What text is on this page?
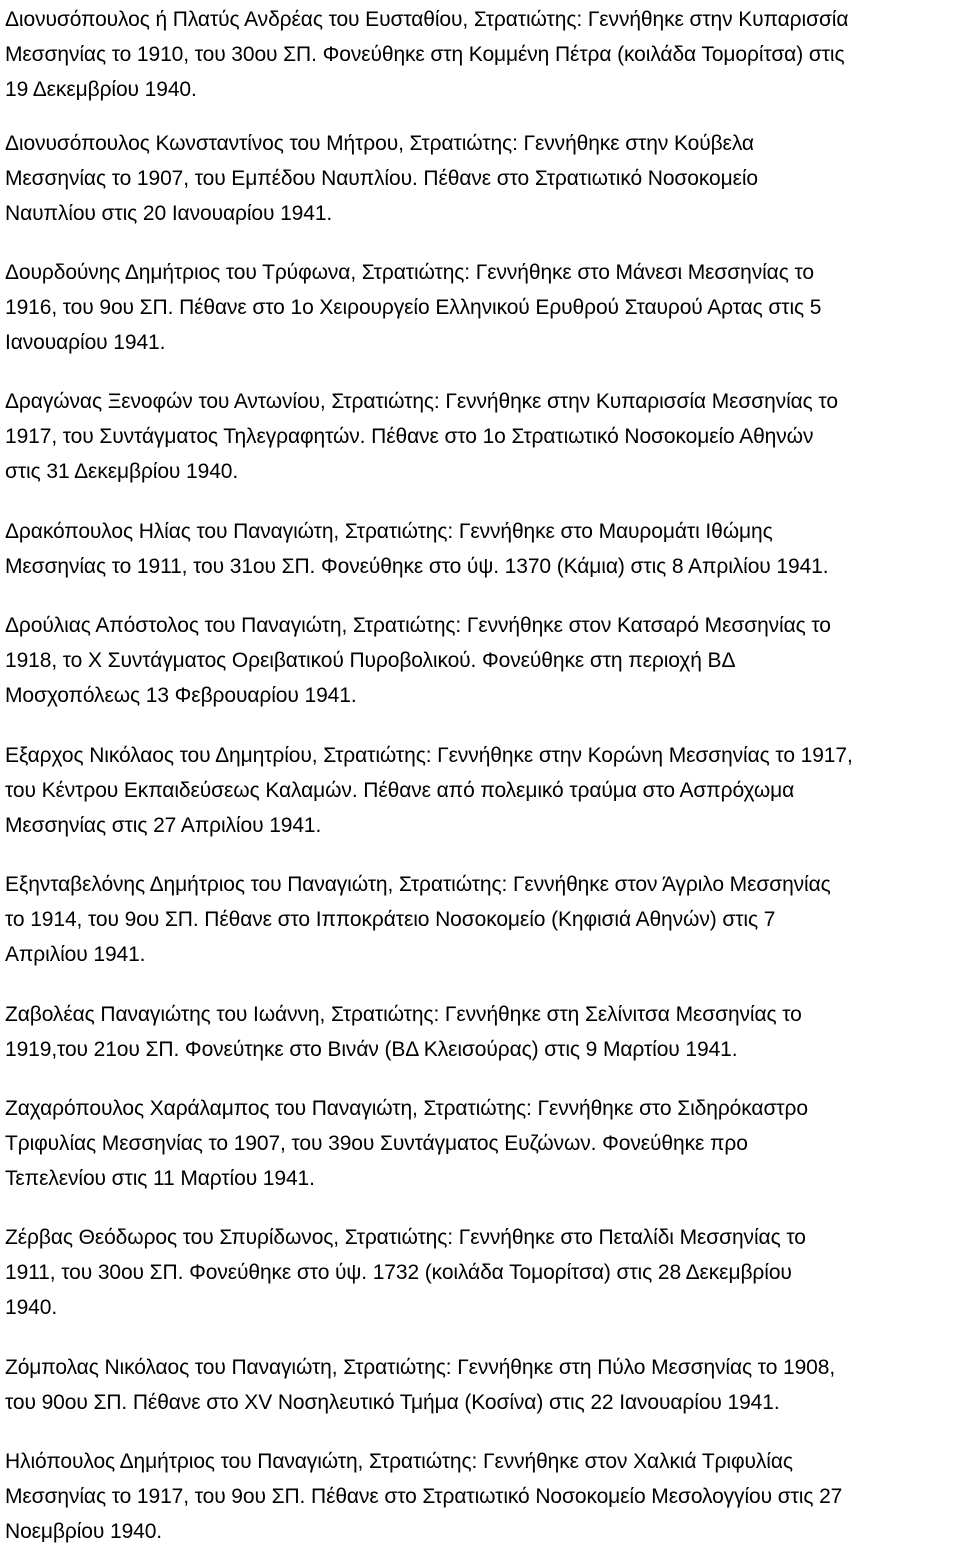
Διονυσόπουλος ή Πλατύς Ανδρέας του Ευσταθίου, Στρατιώτης: Γεννήθηκε στην Κυπαρισσία
Μεσσηνίας το 1910, του 30ου ΣΠ. Φονεύθηκε στη Κομμένη Πέτρα (κοιλάδα Τομορίτσα) στις
19 Δεκεμβρίου 1940.

Διονυσόπουλος Κωνσταντίνος του Μήτρου, Στρατιώτης: Γεννήθηκε στην Κούβελα
Μεσσηνίας το 1907, του Εμπέδου Ναυπλίου. Πέθανε στο Στρατιωτικό Νοσοκομείο
Ναυπλίου στις 20 Ιανουαρίου 1941.

Δουρδούνης Δημήτριος του Τρύφωνα, Στρατιώτης: Γεννήθηκε στο Μάνεσι Μεσσηνίας το
1916, του 9ου ΣΠ. Πέθανε στο 1ο Χειρουργείο Ελληνικού Ερυθρού Σταυρού Αρτας στις 5
Ιανουαρίου 1941.

Δραγώνας Ξενοφών του Αντωνίου, Στρατιώτης: Γεννήθηκε στην Κυπαρισσία Μεσσηνίας το
1917, του Συντάγματος Τηλεγραφητών. Πέθανε στο 1ο Στρατιωτικό Νοσοκομείο Αθηνών
στις 31 Δεκεμβρίου 1940.

Δρακόπουλος Ηλίας του Παναγιώτη, Στρατιώτης: Γεννήθηκε στο Μαυρομάτι Ιθώμης
Μεσσηνίας το 1911, του 31ου ΣΠ. Φονεύθηκε στο ύψ. 1370 (Κάμια) στις 8 Απριλίου 1941.

Δρούλιας Απόστολος του Παναγιώτη, Στρατιώτης: Γεννήθηκε στον Κατσαρό Μεσσηνίας το
1918, το Χ Συντάγματος Ορειβατικού Πυροβολικού. Φονεύθηκε στη περιοχή ΒΔ
Μοσχοπόλεως 13 Φεβρουαρίου 1941.

Εξαρχος Νικόλαος του Δημητρίου, Στρατιώτης: Γεννήθηκε στην Κορώνη Μεσσηνίας το 1917,
του Κέντρου Εκπαιδεύσεως Καλαμών. Πέθανε από πολεμικό τραύμα στο Ασπρόχωμα
Μεσσηνίας στις 27 Απριλίου 1941.

Εξηνταβελόνης Δημήτριος του Παναγιώτη, Στρατιώτης: Γεννήθηκε στον Άγριλο Μεσσηνίας
το 1914, του 9ου ΣΠ. Πέθανε στο Ιπποκράτειο Νοσοκομείο (Κηφισιά Αθηνών) στις 7
Απριλίου 1941.

Ζαβολέας Παναγιώτης του Ιωάννη, Στρατιώτης: Γεννήθηκε στη Σελίνιτσα Μεσσηνίας το
1919,του 21ου ΣΠ. Φονεύτηκε στο Βινάν (ΒΔ Κλεισούρας) στις 9 Μαρτίου 1941.

Ζαχαρόπουλος Χαράλαμπος του Παναγιώτη, Στρατιώτης: Γεννήθηκε στο Σιδηρόκαστρο
Τριφυλίας Μεσσηνίας το 1907, του 39ου Συντάγματος Ευζώνων. Φονεύθηκε προ
Τεπελενίου στις 11 Μαρτίου 1941.

Ζέρβας Θεόδωρος του Σπυρίδωνος, Στρατιώτης: Γεννήθηκε στο Πεταλίδι Μεσσηνίας το
1911, του 30ου ΣΠ. Φονεύθηκε στο ύψ. 1732 (κοιλάδα Τομορίτσα) στις 28 Δεκεμβρίου
1940.

Ζόμπολας Νικόλαος του Παναγιώτη, Στρατιώτης: Γεννήθηκε στη Πύλο Μεσσηνίας το 1908,
του 90ου ΣΠ. Πέθανε στο XV Νοσηλευτικό Τμήμα (Κοσίνα) στις 22 Ιανουαρίου 1941.

Ηλιόπουλος Δημήτριος του Παναγιώτη, Στρατιώτης: Γεννήθηκε στον Χαλκιά Τριφυλίας
Μεσσηνίας το 1917, του 9ου ΣΠ. Πέθανε στο Στρατιωτικό Νοσοκομείο Μεσολογγίου στις 27
Νοεμβρίου 1940.
